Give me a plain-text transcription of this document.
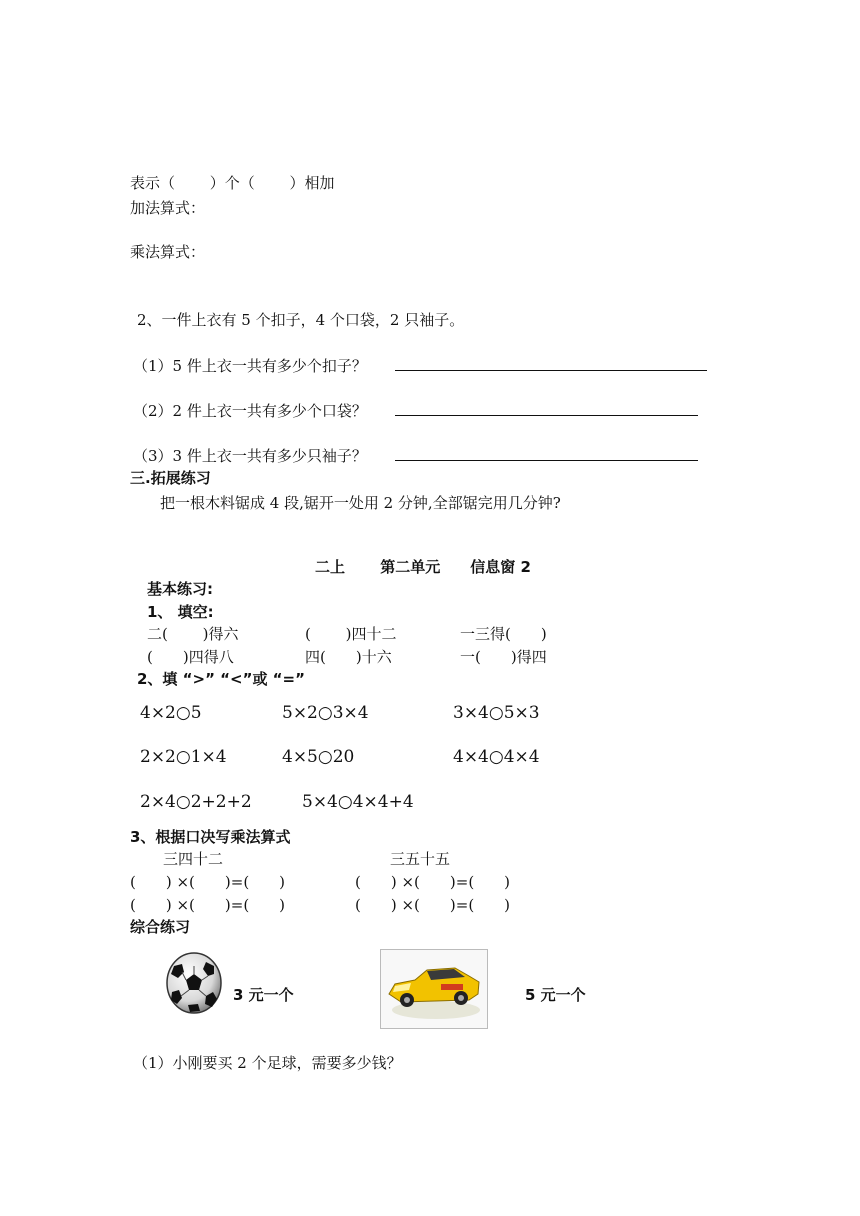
表示（　　 ）个（　　 ）相加
加法算式：
乘法算式：
2、一件上衣有 5 个扣子，4 个口袋，2 只袖子。
（1）5 件上衣一共有多少个扣子？
（2）2 件上衣一共有多少个口袋？
（3）3 件上衣一共有多少只袖子？
三.拓展练习
把一根木料锯成 4 段,锯开一处用 2 分钟,全部锯完用几分钟?
二上　　 第二单元　　信息窗 2
基本练习:
1、 填空:
二(　　 )得六	(　　 )四十二	一三得(　　)
(　　)四得八	四(　　)十六	一(　　)得四
2、填 “>” “<”或 “=”
4×2○5	5×2○3×4	3×4○5×3
2×2○1×4	4×5○20	4×4○4×4
2×4○2+2+2	5×4○4×4+4
3、根据口决写乘法算式
三四十二	三五十五
(　　) ×(　　)=(　　)	(　　) ×(　　)=(　　)
(　　) ×(　　)=(　　)	(　　) ×(　　)=(　　)
综合练习
3 元一个	5 元一个
（1）小刚要买 2 个足球，需要多少钱？
